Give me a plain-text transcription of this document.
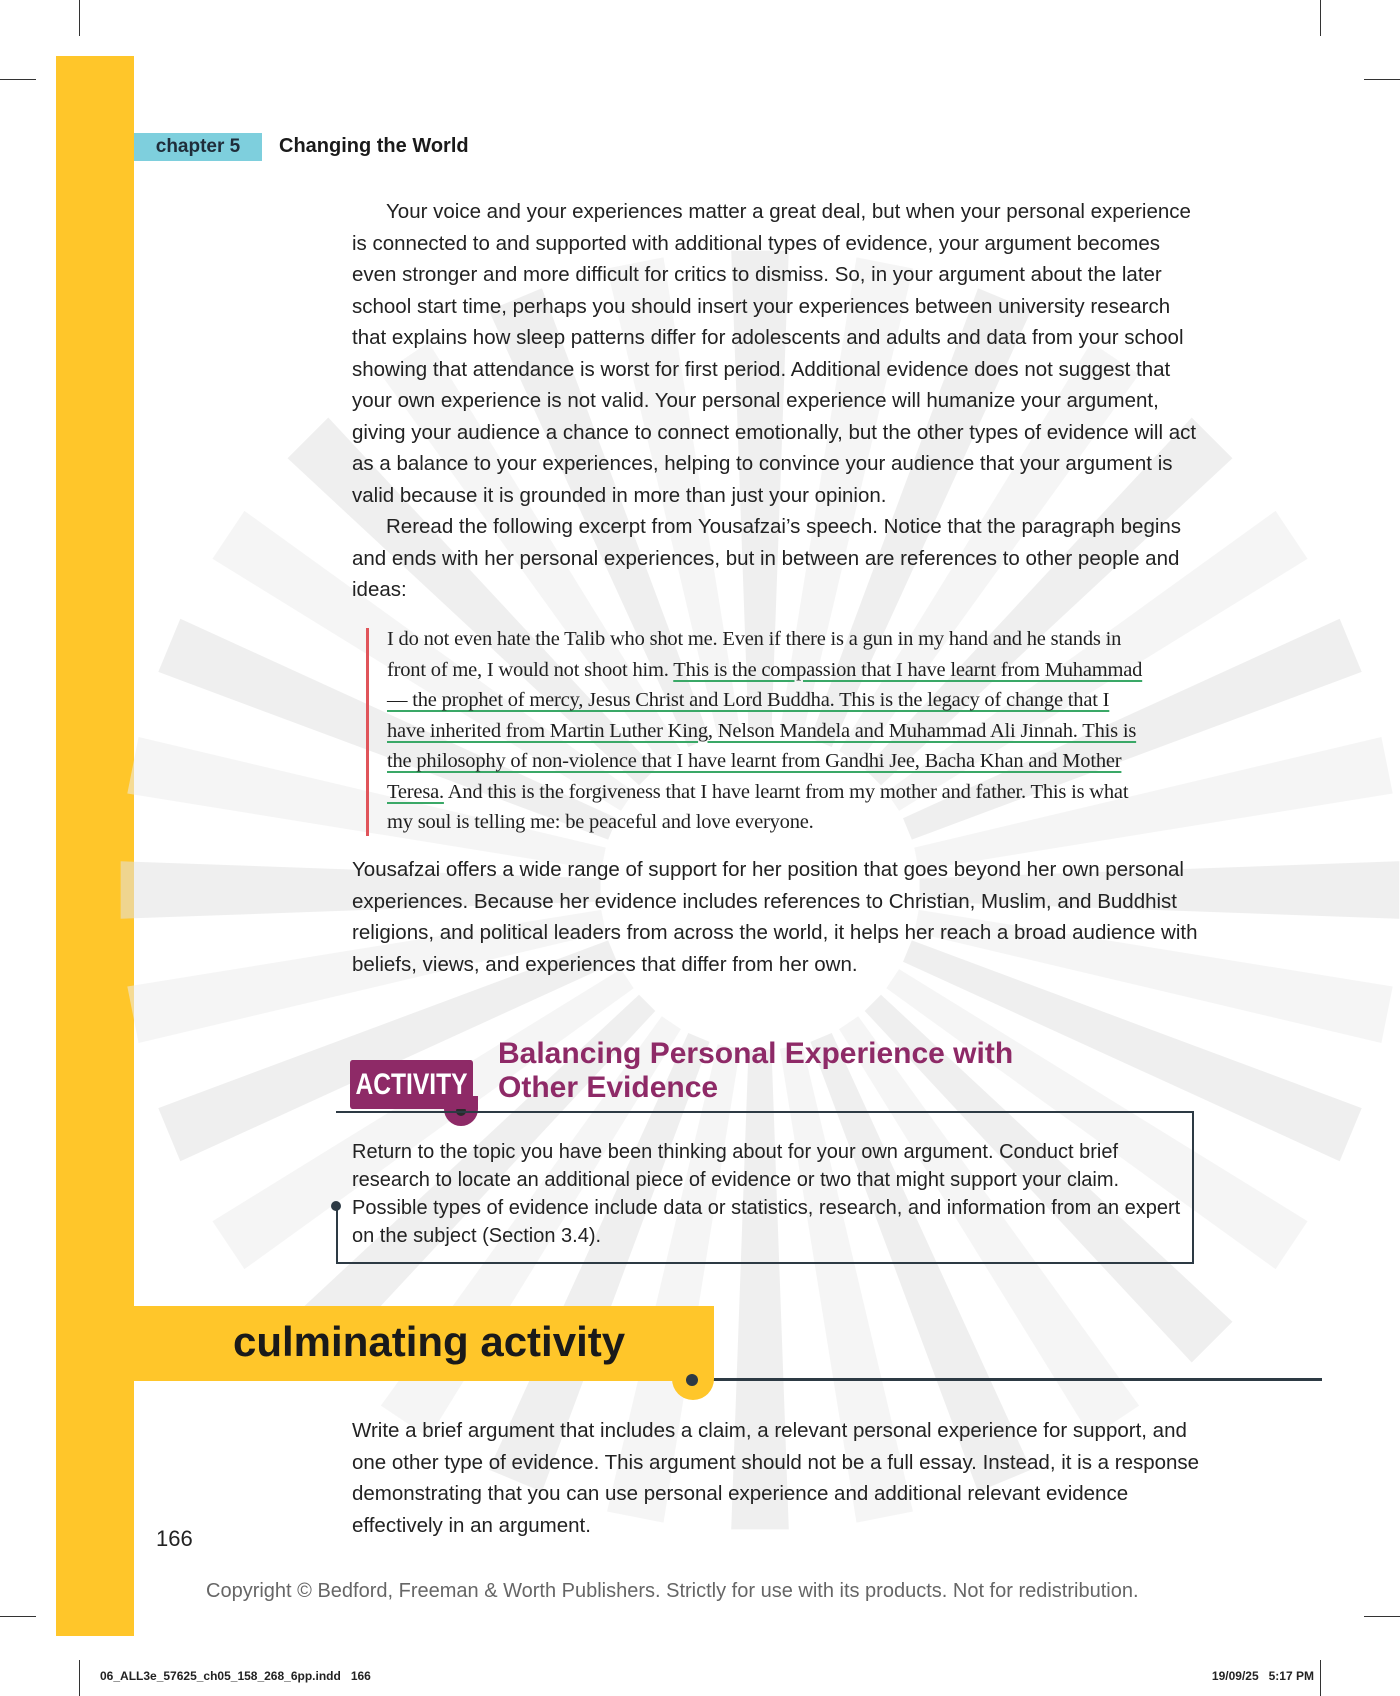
chapter 5	Changing the World

Your voice and your experiences matter a great deal, but when your personal experience is connected to and supported with additional types of evidence, your argument becomes even stronger and more difficult for critics to dismiss. So, in your argument about the later school start time, perhaps you should insert your experiences between university research that explains how sleep patterns differ for adolescents and adults and data from your school showing that attendance is worst for first period. Additional evidence does not suggest that your own experience is not valid. Your personal experience will humanize your argument, giving your audience a chance to connect emotionally, but the other types of evidence will act as a balance to your experiences, helping to convince your audience that your argument is valid because it is grounded in more than just your opinion.

Reread the following excerpt from Yousafzai’s speech. Notice that the paragraph begins and ends with her personal experiences, but in between are references to other people and ideas:

I do not even hate the Talib who shot me. Even if there is a gun in my hand and he stands in front of me, I would not shoot him. This is the compassion that I have learnt from Muhammad — the prophet of mercy, Jesus Christ and Lord Buddha. This is the legacy of change that I have inherited from Martin Luther King, Nelson Mandela and Muhammad Ali Jinnah. This is the philosophy of non-violence that I have learnt from Gandhi Jee, Bacha Khan and Mother Teresa. And this is the forgiveness that I have learnt from my mother and father. This is what my soul is telling me: be peaceful and love everyone.

Yousafzai offers a wide range of support for her position that goes beyond her own personal experiences. Because her evidence includes references to Christian, Muslim, and Buddhist religions, and political leaders from across the world, it helps her reach a broad audience with beliefs, views, and experiences that differ from her own.

ACTIVITY
Balancing Personal Experience with Other Evidence

Return to the topic you have been thinking about for your own argument. Conduct brief research to locate an additional piece of evidence or two that might support your claim. Possible types of evidence include data or statistics, research, and information from an expert on the subject (Section 3.4).

culminating activity

Write a brief argument that includes a claim, a relevant personal experience for support, and one other type of evidence. This argument should not be a full essay. Instead, it is a response demonstrating that you can use personal experience and additional relevant evidence effectively in an argument.

166
Copyright © Bedford, Freeman & Worth Publishers. Strictly for use with its products. Not for redistribution.
06_ALL3e_57625_ch05_158_268_6pp.indd   166	19/09/25   5:17 PM
